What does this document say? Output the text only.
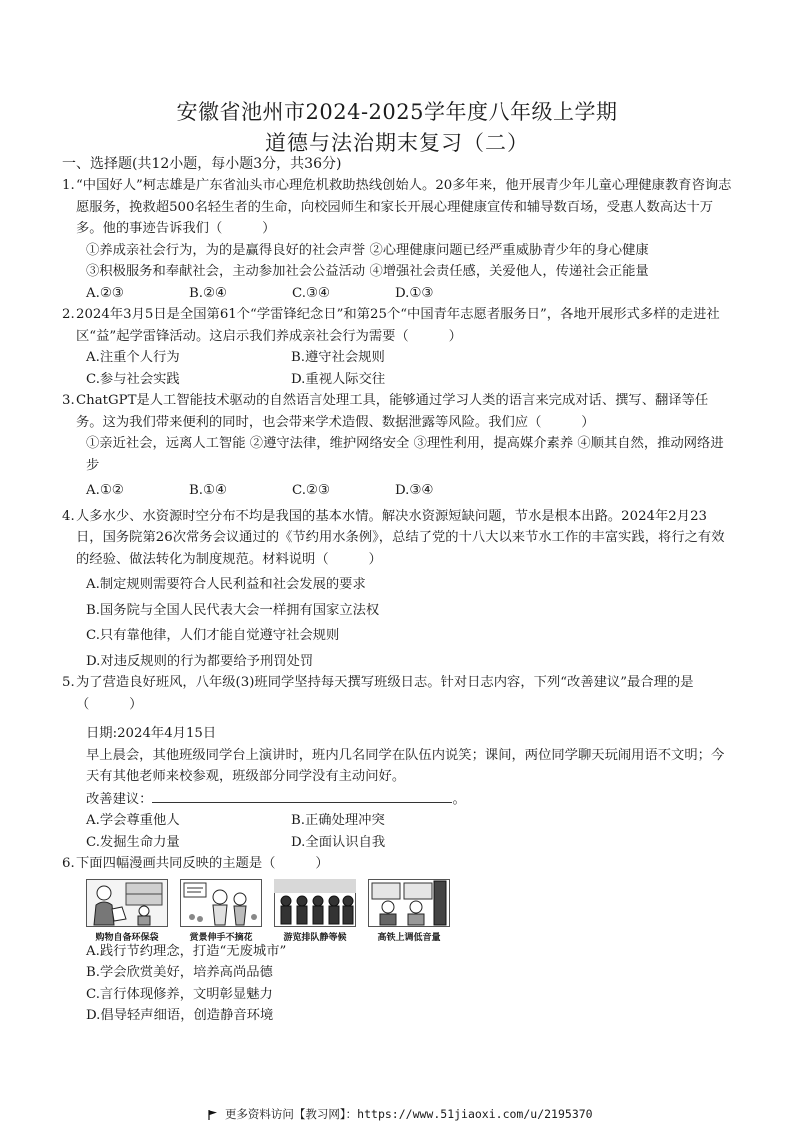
安徽省池州市2024-2025学年度八年级上学期
道德与法治期末复习（二）
一、选择题(共12小题，每小题3分，共36分)
1.“中国好人”柯志雄是广东省汕头市心理危机救助热线创始人。20多年来，他开展青少年儿童心理健康教育咨询志愿服务，挽救超500名轻生者的生命，向校园师生和家长开展心理健康宣传和辅导数百场，受惠人数高达十万多。他的事迹告诉我们（　　　）
①养成亲社会行为，为的是赢得良好的社会声誉 ②心理健康问题已经严重威胁青少年的身心健康
③积极服务和奉献社会，主动参加社会公益活动 ④增强社会责任感，关爱他人，传递社会正能量
A.②③	B.②④	C.③④	D.①③
2.2024年3月5日是全国第61个“学雷锋纪念日”和第25个“中国青年志愿者服务日”，各地开展形式多样的走进社区“益”起学雷锋活动。这启示我们养成亲社会行为需要（　　　）
A.注重个人行为	B.遵守社会规则
C.参与社会实践	D.重视人际交往
3.ChatGPT是人工智能技术驱动的自然语言处理工具，能够通过学习人类的语言来完成对话、撰写、翻译等任务。这为我们带来便利的同时，也会带来学术造假、数据泄露等风险。我们应（　　　）
①亲近社会，远离人工智能 ②遵守法律，维护网络安全 ③理性利用，提高媒介素养 ④顺其自然，推动网络进步
A.①②	B.①④	C.②③	D.③④
4.人多水少、水资源时空分布不均是我国的基本水情。解决水资源短缺问题，节水是根本出路。2024年2月23日，国务院第26次常务会议通过的《节约用水条例》，总结了党的十八大以来节水工作的丰富实践，将行之有效的经验、做法转化为制度规范。材料说明（　　　）
A.制定规则需要符合人民利益和社会发展的要求
B.国务院与全国人民代表大会一样拥有国家立法权
C.只有靠他律，人们才能自觉遵守社会规则
D.对违反规则的行为都要给予刑罚处罚
5.为了营造良好班风，八年级(3)班同学坚持每天撰写班级日志。针对日志内容，下列“改善建议”最合理的是（　　　）
日期:2024年4月15日
早上晨会，其他班级同学台上演讲时，班内几名同学在队伍内说笑；课间，两位同学聊天玩闹用语不文明；今天有其他老师来校参观，班级部分同学没有主动问好。
改善建议：	。
A.学会尊重他人	B.正确处理冲突
C.发掘生命力量	D.全面认识自我
6.下面四幅漫画共同反映的主题是（　　　）
购物自备环保袋	赏景伸手不摘花	游览排队静等候	高铁上调低音量
A.践行节约理念，打造“无废城市”
B.学会欣赏美好，培养高尚品德
C.言行体现修养，文明彰显魅力
D.倡导轻声细语，创造静音环境
更多资料访问【教习网】：https://www.51jiaoxi.com/u/2195370
